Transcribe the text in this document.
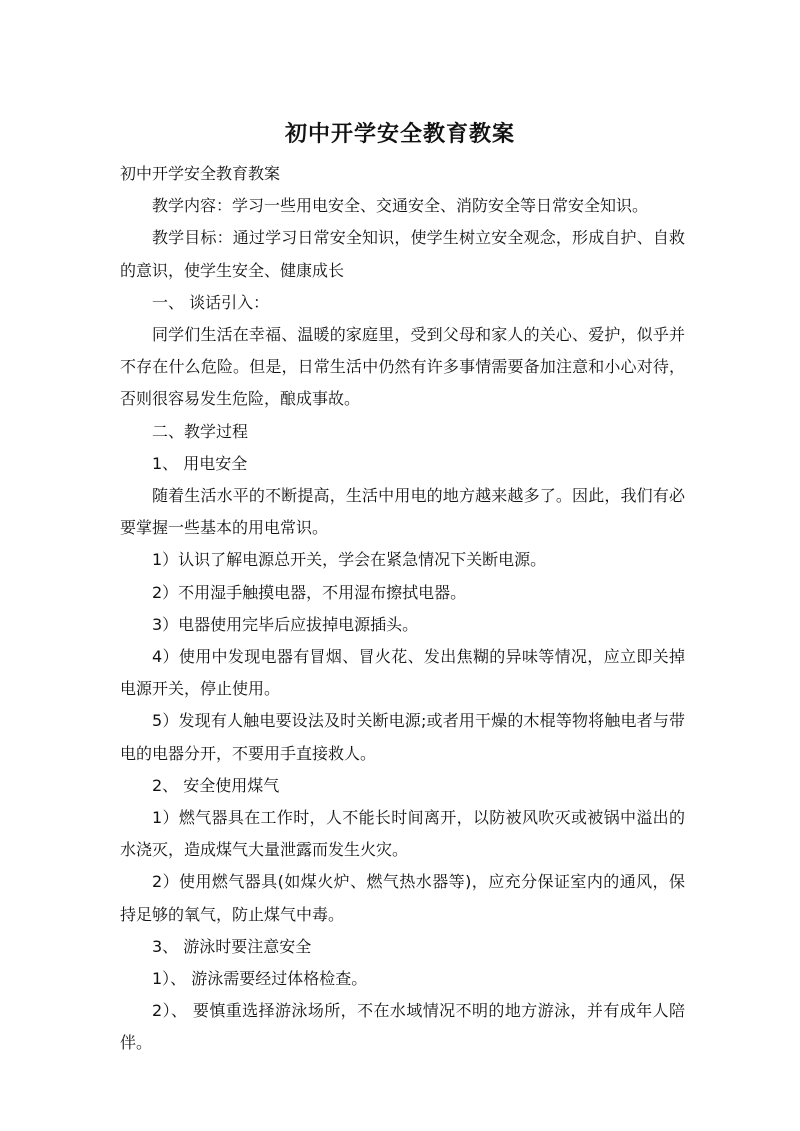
初中开学安全教育教案

初中开学安全教育教案

教学内容：学习一些用电安全、交通安全、消防安全等日常安全知识。

教学目标：通过学习日常安全知识，使学生树立安全观念，形成自护、自救的意识，使学生安全、健康成长

一、 谈话引入：

同学们生活在幸福、温暖的家庭里，受到父母和家人的关心、爱护，似乎并不存在什么危险。但是，日常生活中仍然有许多事情需要备加注意和小心对待，否则很容易发生危险，酿成事故。

二、教学过程

1、 用电安全

随着生活水平的不断提高，生活中用电的地方越来越多了。因此，我们有必要掌握一些基本的用电常识。

1）认识了解电源总开关，学会在紧急情况下关断电源。

2）不用湿手触摸电器，不用湿布擦拭电器。

3）电器使用完毕后应拔掉电源插头。

4）使用中发现电器有冒烟、冒火花、发出焦糊的异味等情况，应立即关掉电源开关，停止使用。

5）发现有人触电要设法及时关断电源;或者用干燥的木棍等物将触电者与带电的电器分开，不要用手直接救人。

2、 安全使用煤气

1）燃气器具在工作时，人不能长时间离开，以防被风吹灭或被锅中溢出的水浇灭，造成煤气大量泄露而发生火灾。

2）使用燃气器具(如煤火炉、燃气热水器等)，应充分保证室内的通风，保持足够的氧气，防止煤气中毒。

3、 游泳时要注意安全

1）、 游泳需要经过体格检查。

2）、 要慎重选择游泳场所，不在水域情况不明的地方游泳，并有成年人陪伴。
